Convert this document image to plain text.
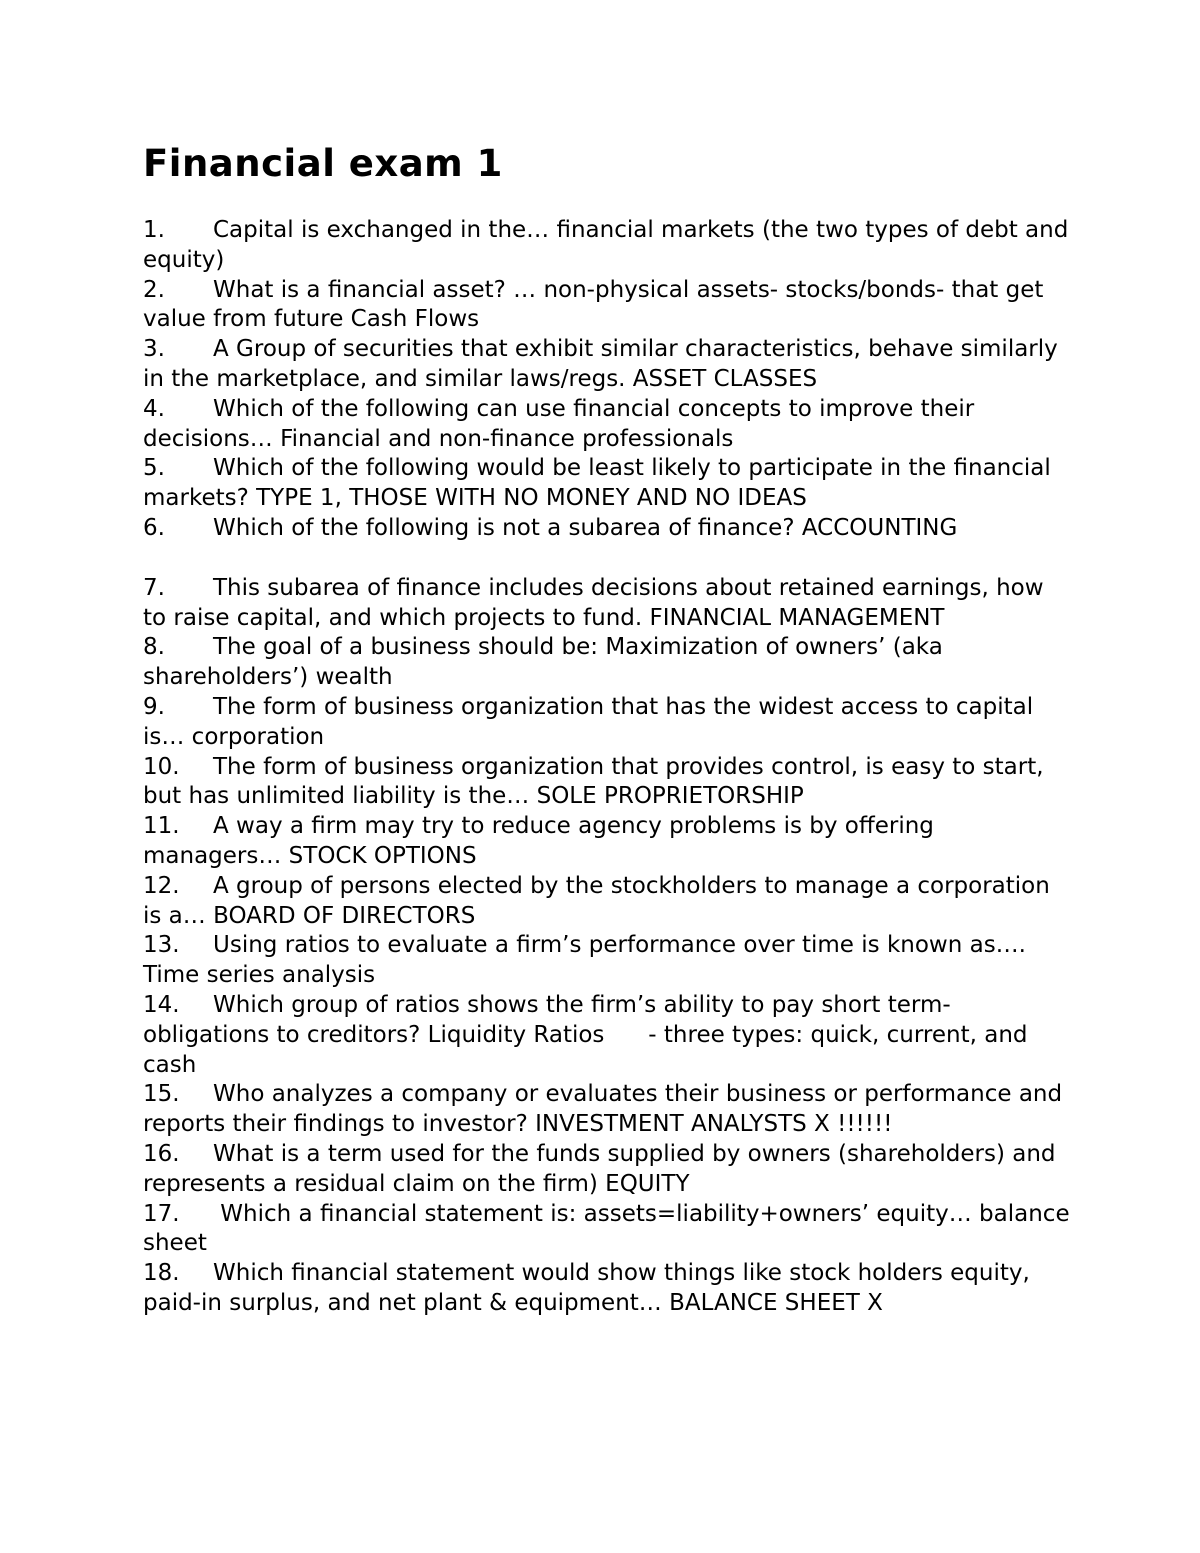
Financial exam 1
1. Capital is exchanged in the… financial markets (the two types of debt and equity)
2. What is a financial asset? … non-physical assets- stocks/bonds- that get value from future Cash Flows
3. A Group of securities that exhibit similar characteristics, behave similarly in the marketplace, and similar laws/regs. ASSET CLASSES
4. Which of the following can use financial concepts to improve their decisions… Financial and non-finance professionals
5. Which of the following would be least likely to participate in the financial markets? TYPE 1, THOSE WITH NO MONEY AND NO IDEAS
6. Which of the following is not a subarea of finance? ACCOUNTING
7. This subarea of finance includes decisions about retained earnings, how to raise capital, and which projects to fund. FINANCIAL MANAGEMENT
8. The goal of a business should be: Maximization of owners’ (aka shareholders’) wealth
9. The form of business organization that has the widest access to capital is… corporation
10. The form of business organization that provides control, is easy to start, but has unlimited liability is the… SOLE PROPRIETORSHIP
11. A way a firm may try to reduce agency problems is by offering managers… STOCK OPTIONS
12. A group of persons elected by the stockholders to manage a corporation is a… BOARD OF DIRECTORS
13. Using ratios to evaluate a firm’s performance over time is known as…. Time series analysis
14. Which group of ratios shows the firm’s ability to pay short term- obligations to creditors? Liquidity Ratios      - three types: quick, current, and cash
15. Who analyzes a company or evaluates their business or performance and reports their findings to investor? INVESTMENT ANALYSTS X !!!!!!
16. What is a term used for the funds supplied by owners (shareholders) and represents a residual claim on the firm) EQUITY
17. Which a financial statement is: assets=liability+owners’ equity… balance sheet
18. Which financial statement would show things like stock holders equity, paid-in surplus, and net plant & equipment… BALANCE SHEET X
